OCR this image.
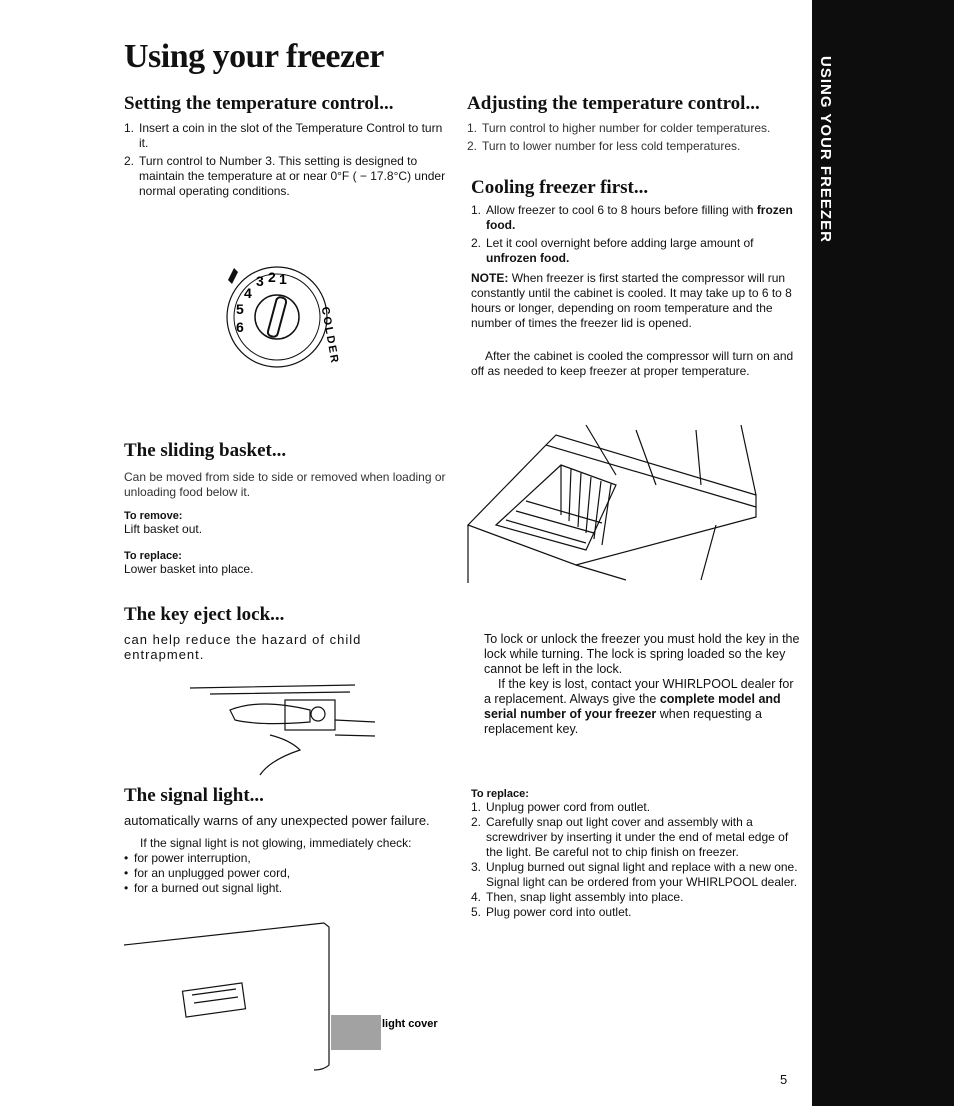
USING YOUR FREEZER
Using your freezer
Setting the temperature control...
1. Insert a coin in the slot of the Temperature Control to turn it.
2. Turn control to Number 3. This setting is designed to maintain the temperature at or near 0°F ( − 17.8°C) under normal operating conditions.
6
5
4
3 2 1
COLDER
Adjusting the temperature control...
1. Turn control to higher number for colder temperatures.
2. Turn to lower number for less cold temperatures.
Cooling freezer first...
1. Allow freezer to cool 6 to 8 hours before filling with frozen food.
2. Let it cool overnight before adding large amount of unfrozen food.

NOTE: When freezer is first started the compressor will run constantly until the cabinet is cooled. It may take up to 6 to 8 hours or longer, depending on room temperature and the number of times the freezer lid is opened.

After the cabinet is cooled the compressor will turn on and off as needed to keep freezer at proper temperature.

The sliding basket...

Can be moved from side to side or removed when loading or unloading food below it.

To remove:
Lift basket out.
To replace:
Lower basket into place.
The key eject lock...

can help reduce the hazard of child entrapment.

To lock or unlock the freezer you must hold the key in the lock while turning. The lock is spring loaded so the key cannot be left in the lock.

If the key is lost, contact your WHIRLPOOL dealer for a replacement. Always give the complete model and serial number of your freezer when requesting a replacement key.

The signal light...

automatically warns of any unexpected power failure.

If the signal light is not glowing, immediately check:

• for power interruption,
• for an unplugged power cord,
• for a burned out signal light.
light cover
To replace:
1. Unplug power cord from outlet.
2. Carefully snap out light cover and assembly with a screwdriver by inserting it under the end of metal edge of the light. Be careful not to chip finish on freezer.
3. Unplug burned out signal light and replace with a new one. Signal light can be ordered from your WHIRLPOOL dealer.
4. Then, snap light assembly into place.
5. Plug power cord into outlet.
5
